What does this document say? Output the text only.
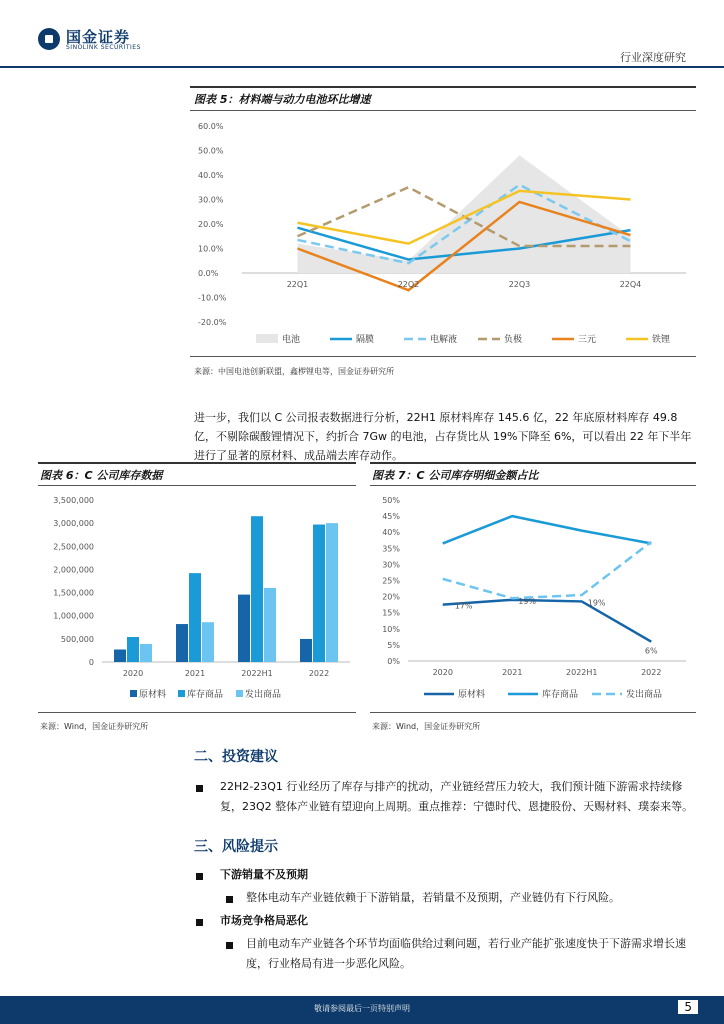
国金证券
SINOLINK SECURITIES
行业深度研究
图表 5：材料端与动力电池环比增速
60.0%
50.0%
40.0%
30.0%
20.0%
10.0%
0.0%
-10.0%
-20.0%
22Q1	22Q2	22Q3	22Q4
电池	隔膜	电解液	负极	三元	铁锂
来源：中国电池创新联盟，鑫椤锂电等，国金证券研究所
进一步，我们以 C 公司报表数据进行分析，22H1 原材料库存 145.6 亿，22 年底原材料库存 49.8 亿，不剔除碳酸锂情况下，约折合 7Gw 的电池，占存货比从 19%下降至 6%，可以看出 22 年下半年进行了显著的原材料、成品端去库存动作。
图表 6：C 公司库存数据
3,500,000
3,000,000
2,500,000
2,000,000
1,500,000
1,000,000
500,000
0
2020	2021	2022H1	2022
原材料 库存商品 发出商品
来源：Wind，国金证券研究所
图表 7：C 公司库存明细金额占比
50%
45%
40%
35%
30%
25%
20%
15%
10%
5%
0%
17%
19%	19%
6%
2020	2021	2022H1	2022
原材料	库存商品	发出商品
来源：Wind，国金证券研究所
二、投资建议
22H2-23Q1 行业经历了库存与排产的扰动，产业链经营压力较大，我们预计随下游需求持续修复，23Q2 整体产业链有望迎向上周期。重点推荐：宁德时代、恩捷股份、天赐材料、璞泰来等。
三、风险提示
下游销量不及预期
整体电动车产业链依赖于下游销量，若销量不及预期，产业链仍有下行风险。
市场竞争格局恶化
目前电动车产业链各个环节均面临供给过剩问题，若行业产能扩张速度快于下游需求增长速度，行业格局有进一步恶化风险。
敬请参阅最后一页特别声明	5
